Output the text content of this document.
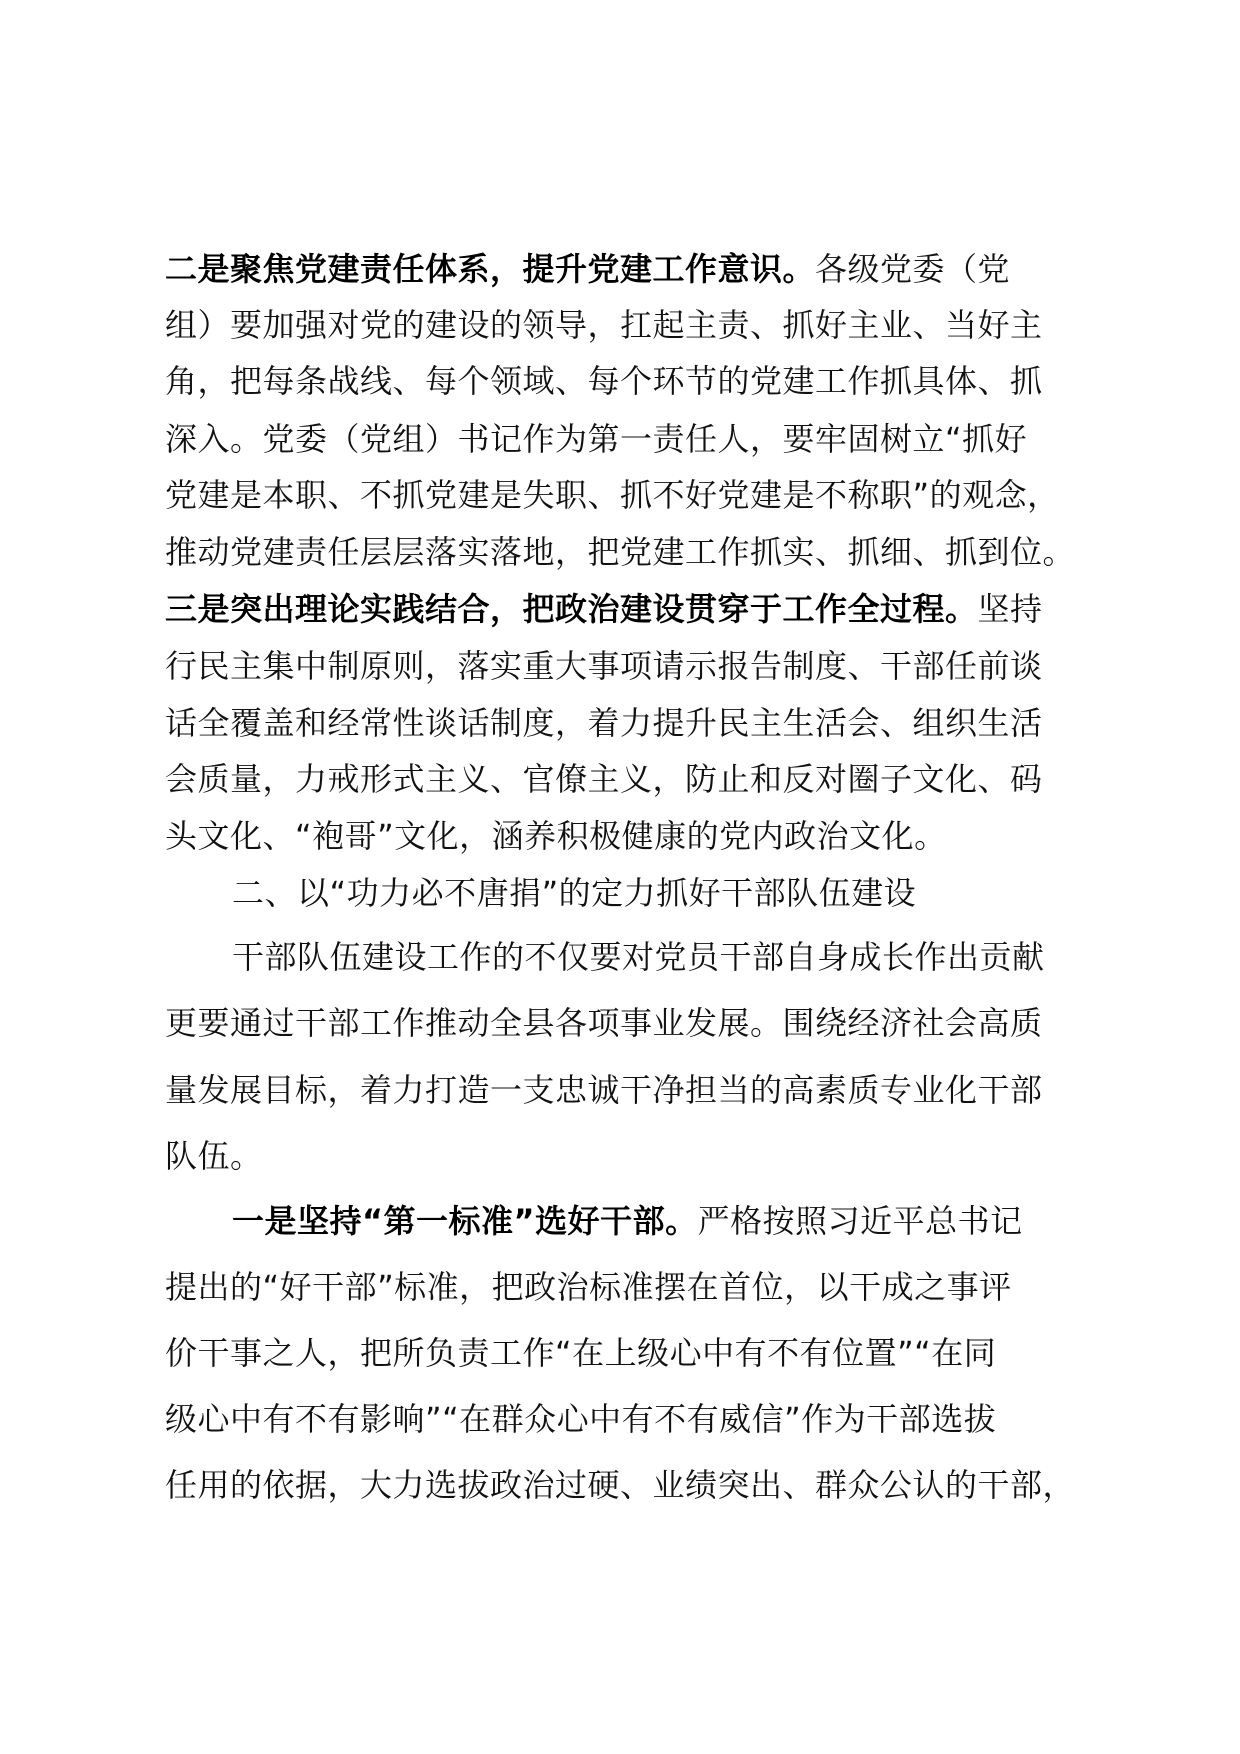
二是聚焦党建责任体系，提升党建工作意识。各级党委（党
组）要加强对党的建设的领导，扛起主责、抓好主业、当好主
角，把每条战线、每个领域、每个环节的党建工作抓具体、抓
深入。党委（党组）书记作为第一责任人，要牢固树立“抓好
党建是本职、不抓党建是失职、抓不好党建是不称职”的观念，
推动党建责任层层落实落地，把党建工作抓实、抓细、抓到位。
三是突出理论实践结合，把政治建设贯穿于工作全过程。坚持
行民主集中制原则，落实重大事项请示报告制度、干部任前谈
话全覆盖和经常性谈话制度，着力提升民主生活会、组织生活
会质量，力戒形式主义、官僚主义，防止和反对圈子文化、码
头文化、“袍哥”文化，涵养积极健康的党内政治文化。
二、以“功力必不唐捐”的定力抓好干部队伍建设
干部队伍建设工作的不仅要对党员干部自身成长作出贡献
更要通过干部工作推动全县各项事业发展。围绕经济社会高质
量发展目标，着力打造一支忠诚干净担当的高素质专业化干部
队伍。
一是坚持“第一标准”选好干部。严格按照习近平总书记
提出的“好干部”标准，把政治标准摆在首位，以干成之事评
价干事之人，把所负责工作“在上级心中有不有位置”“在同
级心中有不有影响”“在群众心中有不有威信”作为干部选拔
任用的依据，大力选拔政治过硬、业绩突出、群众公认的干部，
